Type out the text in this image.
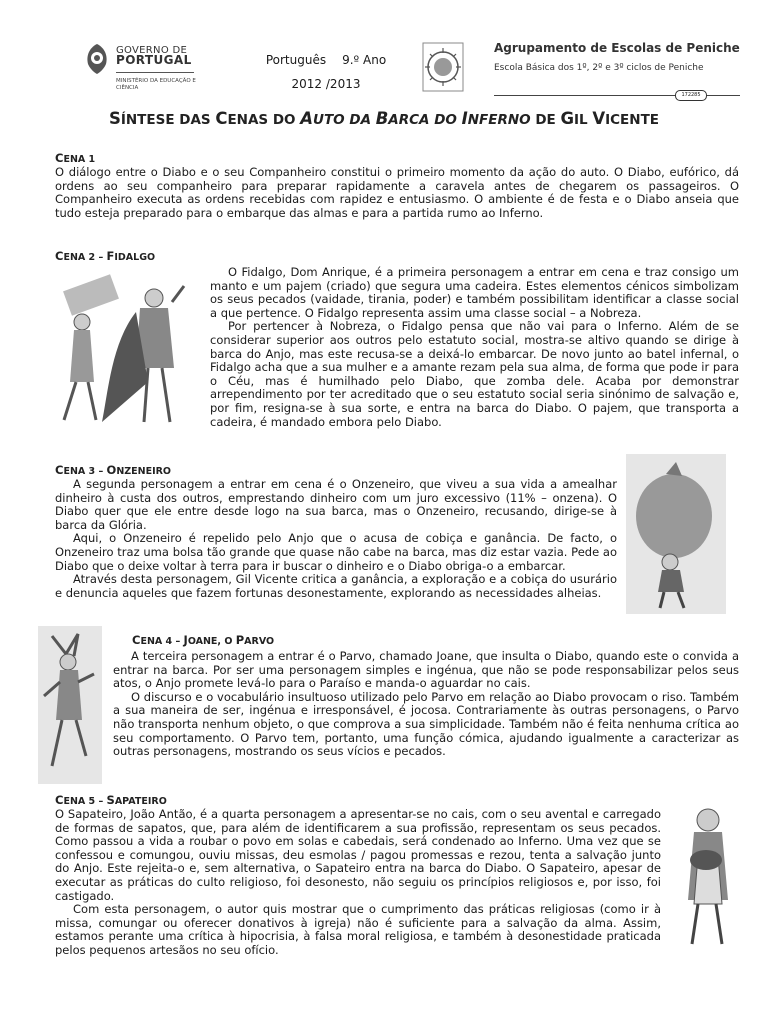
GOVERNO DE
PORTUGAL
MINISTÉRIO DA EDUCAÇÃO E CIÊNCIA
Português 9.º Ano
2012 /2013
Agrupamento de Escolas de Peniche
Escola Básica dos 1º, 2º e 3º ciclos de Peniche
172285
SÍNTESE DAS CENAS DO AUTO DA BARCA DO INFERNO DE GIL VICENTE
CENA 1

O diálogo entre o Diabo e o seu Companheiro constitui o primeiro momento da ação do auto. O Diabo, eufórico, dá ordens ao seu companheiro para preparar rapidamente a caravela antes de chegarem os passageiros. O Companheiro executa as ordens recebidas com rapidez e entusiasmo. O ambiente é de festa e o Diabo anseia que tudo esteja preparado para o embarque das almas e para a partida rumo ao Inferno.

CENA 2 – FIDALGO

O Fidalgo, Dom Anrique, é a primeira personagem a entrar em cena e traz consigo um manto e um pajem (criado) que segura uma cadeira. Estes elementos cénicos simbolizam os seus pecados (vaidade, tirania, poder) e também possibilitam identificar a classe social a que pertence. O Fidalgo representa assim uma classe social – a Nobreza.

Por pertencer à Nobreza, o Fidalgo pensa que não vai para o Inferno. Além de se considerar superior aos outros pelo estatuto social, mostra-se altivo quando se dirige à barca do Anjo, mas este recusa-se a deixá-lo embarcar. De novo junto ao batel infernal, o Fidalgo acha que a sua mulher e a amante rezam pela sua alma, de forma que pode ir para o Céu, mas é humilhado pelo Diabo, que zomba dele. Acaba por demonstrar arrependimento por ter acreditado que o seu estatuto social seria sinónimo de salvação e, por fim, resigna-se à sua sorte, e entra na barca do Diabo. O pajem, que transporta a cadeira, é mandado embora pelo Diabo.

CENA 3 – ONZENEIRO

A segunda personagem a entrar em cena é o Onzeneiro, que viveu a sua vida a amealhar dinheiro à custa dos outros, emprestando dinheiro com um juro excessivo (11% – onzena). O Diabo quer que ele entre desde logo na sua barca, mas o Onzeneiro, recusando, dirige-se à barca da Glória.

Aqui, o Onzeneiro é repelido pelo Anjo que o acusa de cobiça e ganância. De facto, o Onzeneiro traz uma bolsa tão grande que quase não cabe na barca, mas diz estar vazia. Pede ao Diabo que o deixe voltar à terra para ir buscar o dinheiro e o Diabo obriga-o a embarcar.

Através desta personagem, Gil Vicente critica a ganância, a exploração e a cobiça do usurário e denuncia aqueles que fazem fortunas desonestamente, explorando as necessidades alheias.

CENA 4 – JOANE, O PARVO

A terceira personagem a entrar é o Parvo, chamado Joane, que insulta o Diabo, quando este o convida a entrar na barca. Por ser uma personagem simples e ingénua, que não se pode responsabilizar pelos seus atos, o Anjo promete levá-lo para o Paraíso e manda-o aguardar no cais.

O discurso e o vocabulário insultuoso utilizado pelo Parvo em relação ao Diabo provocam o riso. Também a sua maneira de ser, ingénua e irresponsável, é jocosa. Contrariamente às outras personagens, o Parvo não transporta nenhum objeto, o que comprova a sua simplicidade. Também não é feita nenhuma crítica ao seu comportamento. O Parvo tem, portanto, uma função cómica, ajudando igualmente a caracterizar as outras personagens, mostrando os seus vícios e pecados.

CENA 5 – SAPATEIRO

O Sapateiro, João Antão, é a quarta personagem a apresentar-se no cais, com o seu avental e carregado de formas de sapatos, que, para além de identificarem a sua profissão, representam os seus pecados. Como passou a vida a roubar o povo em solas e cabedais, será condenado ao Inferno. Uma vez que se confessou e comungou, ouviu missas, deu esmolas / pagou promessas e rezou, tenta a salvação junto do Anjo. Este rejeita-o e, sem alternativa, o Sapateiro entra na barca do Diabo. O Sapateiro, apesar de executar as práticas do culto religioso, foi desonesto, não seguiu os princípios religiosos e, por isso, foi castigado.

Com esta personagem, o autor quis mostrar que o cumprimento das práticas religiosas (como ir à missa, comungar ou oferecer donativos à igreja) não é suficiente para a salvação da alma. Assim, estamos perante uma crítica à hipocrisia, à falsa moral religiosa, e também à desonestidade praticada pelos pequenos artesãos no seu ofício.
